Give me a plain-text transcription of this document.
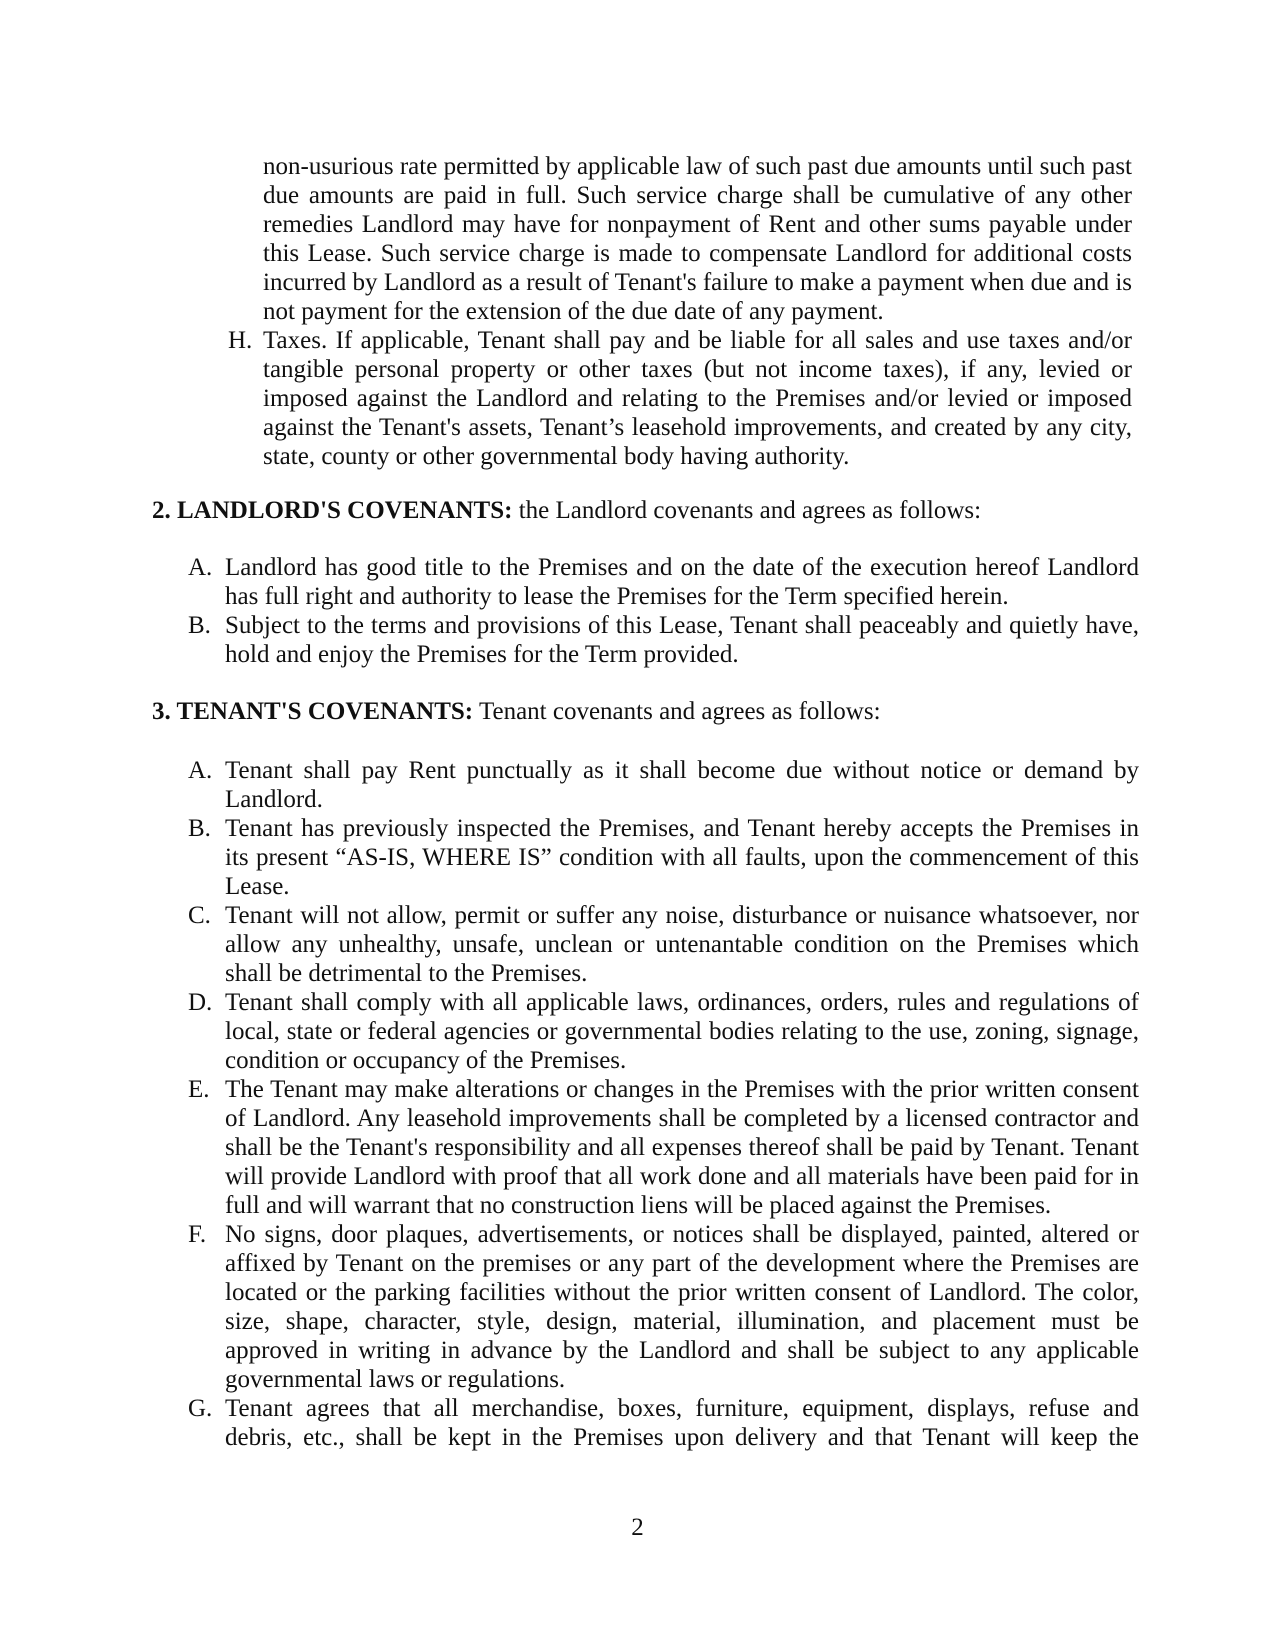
non-usurious rate permitted by applicable law of such past due amounts until such past due amounts are paid in full. Such service charge shall be cumulative of any other remedies Landlord may have for nonpayment of Rent and other sums payable under this Lease. Such service charge is made to compensate Landlord for additional costs incurred by Landlord as a result of Tenant's failure to make a payment when due and is not payment for the extension of the due date of any payment.
H. Taxes. If applicable, Tenant shall pay and be liable for all sales and use taxes and/or tangible personal property or other taxes (but not income taxes), if any, levied or imposed against the Landlord and relating to the Premises and/or levied or imposed against the Tenant's assets, Tenant’s leasehold improvements, and created by any city, state, county or other governmental body having authority.
2. LANDLORD'S COVENANTS: the Landlord covenants and agrees as follows:
A. Landlord has good title to the Premises and on the date of the execution hereof Landlord has full right and authority to lease the Premises for the Term specified herein.
B. Subject to the terms and provisions of this Lease, Tenant shall peaceably and quietly have, hold and enjoy the Premises for the Term provided.
3. TENANT'S COVENANTS: Tenant covenants and agrees as follows:
A. Tenant shall pay Rent punctually as it shall become due without notice or demand by Landlord.
B. Tenant has previously inspected the Premises, and Tenant hereby accepts the Premises in its present “AS-IS, WHERE IS” condition with all faults, upon the commencement of this Lease.
C. Tenant will not allow, permit or suffer any noise, disturbance or nuisance whatsoever, nor allow any unhealthy, unsafe, unclean or untenantable condition on the Premises which shall be detrimental to the Premises.
D. Tenant shall comply with all applicable laws, ordinances, orders, rules and regulations of local, state or federal agencies or governmental bodies relating to the use, zoning, signage, condition or occupancy of the Premises.
E. The Tenant may make alterations or changes in the Premises with the prior written consent of Landlord. Any leasehold improvements shall be completed by a licensed contractor and shall be the Tenant's responsibility and all expenses thereof shall be paid by Tenant. Tenant will provide Landlord with proof that all work done and all materials have been paid for in full and will warrant that no construction liens will be placed against the Premises.
F. No signs, door plaques, advertisements, or notices shall be displayed, painted, altered or affixed by Tenant on the premises or any part of the development where the Premises are located or the parking facilities without the prior written consent of Landlord. The color, size, shape, character, style, design, material, illumination, and placement must be approved in writing in advance by the Landlord and shall be subject to any applicable governmental laws or regulations.
G. Tenant agrees that all merchandise, boxes, furniture, equipment, displays, refuse and debris, etc., shall be kept in the Premises upon delivery and that Tenant will keep the
2
